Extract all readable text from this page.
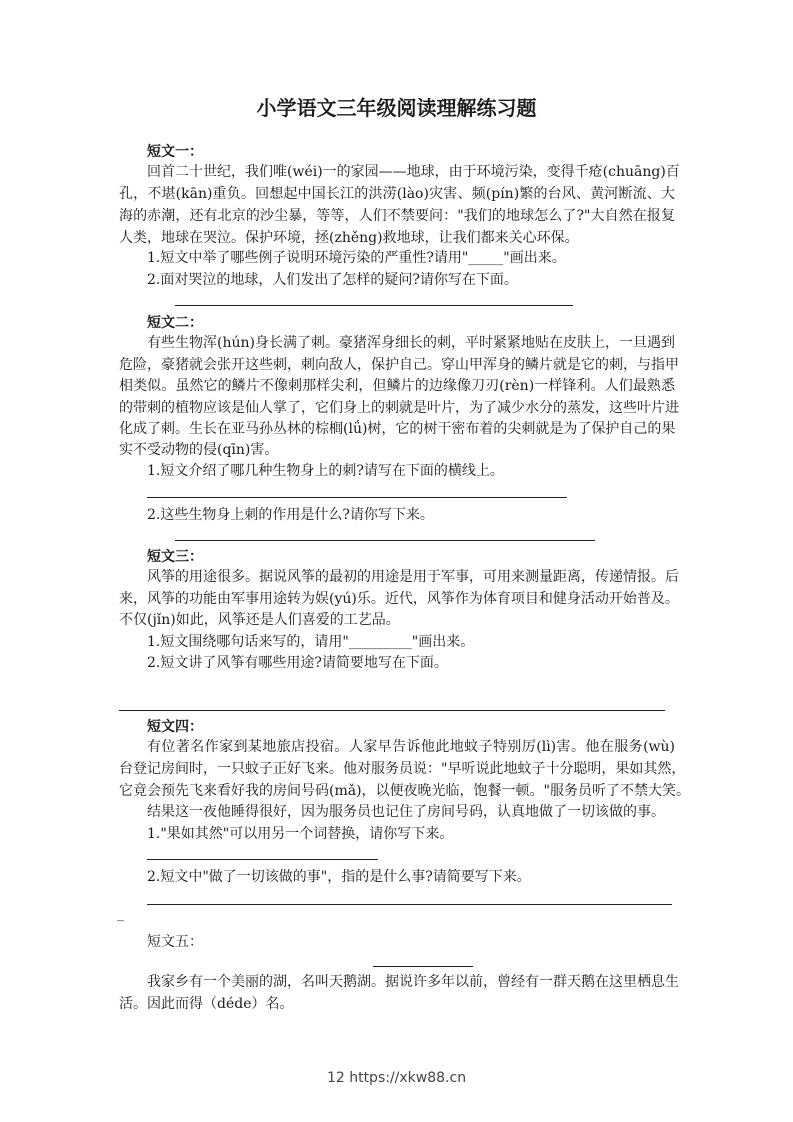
小学语文三年级阅读理解练习题
短文一：
回首二十世纪，我们唯(wéi)一的家园——地球，由于环境污染，变得千疮(chuāng)百
孔，不堪(kān)重负。回想起中国长江的洪涝(lào)灾害、频(pín)繁的台风、黄河断流、大
海的赤潮，还有北京的沙尘暴，等等，人们不禁要问："我们的地球怎么了?"大自然在报复
人类，地球在哭泣。保护环境，拯(zhěng)救地球，让我们都来关心环保。
1.短文中举了哪些例子说明环境污染的严重性?请用"_____"画出来。
2.面对哭泣的地球，人们发出了怎样的疑问?请你写在下面。
短文二：
有些生物浑(hún)身长满了刺。豪猪浑身细长的刺，平时紧紧地贴在皮肤上，一旦遇到
危险，豪猪就会张开这些刺，刺向敌人，保护自己。穿山甲浑身的鳞片就是它的刺，与指甲
相类似。虽然它的鳞片不像刺那样尖利，但鳞片的边缘像刀刃(rèn)一样锋利。人们最熟悉
的带刺的植物应该是仙人掌了，它们身上的刺就是叶片，为了减少水分的蒸发，这些叶片进
化成了刺。生长在亚马孙丛林的棕榈(lǘ)树，它的树干密布着的尖刺就是为了保护自己的果
实不受动物的侵(qīn)害。
1.短文介绍了哪几种生物身上的刺?请写在下面的横线上。
2.这些生物身上刺的作用是什么?请你写下来。
短文三：
风筝的用途很多。据说风筝的最初的用途是用于军事，可用来测量距离，传递情报。后
来，风筝的功能由军事用途转为娱(yú)乐。近代，风筝作为体育项目和健身活动开始普及。
不仅(jǐn)如此，风筝还是人们喜爱的工艺品。
1.短文围绕哪句话来写的，请用"_________"画出来。
2.短文讲了风筝有哪些用途?请简要地写在下面。
短文四：
有位著名作家到某地旅店投宿。人家早告诉他此地蚊子特别厉(lì)害。他在服务(wù)
台登记房间时，一只蚊子正好飞来。他对服务员说："早听说此地蚊子十分聪明，果如其然，
它竟会预先飞来看好我的房间号码(mǎ)，以便夜晚光临，饱餐一顿。"服务员听了不禁大笑。
结果这一夜他睡得很好，因为服务员也记住了房间号码，认真地做了一切该做的事。
1."果如其然"可以用另一个词替换，请你写下来。
2.短文中"做了一切该做的事"，指的是什么事?请简要写下来。
_
短文五：
我家乡有一个美丽的湖，名叫天鹅湖。据说许多年以前，曾经有一群天鹅在这里栖息生
活。因此而得（déde）名。
12 https://xkw88.cn
